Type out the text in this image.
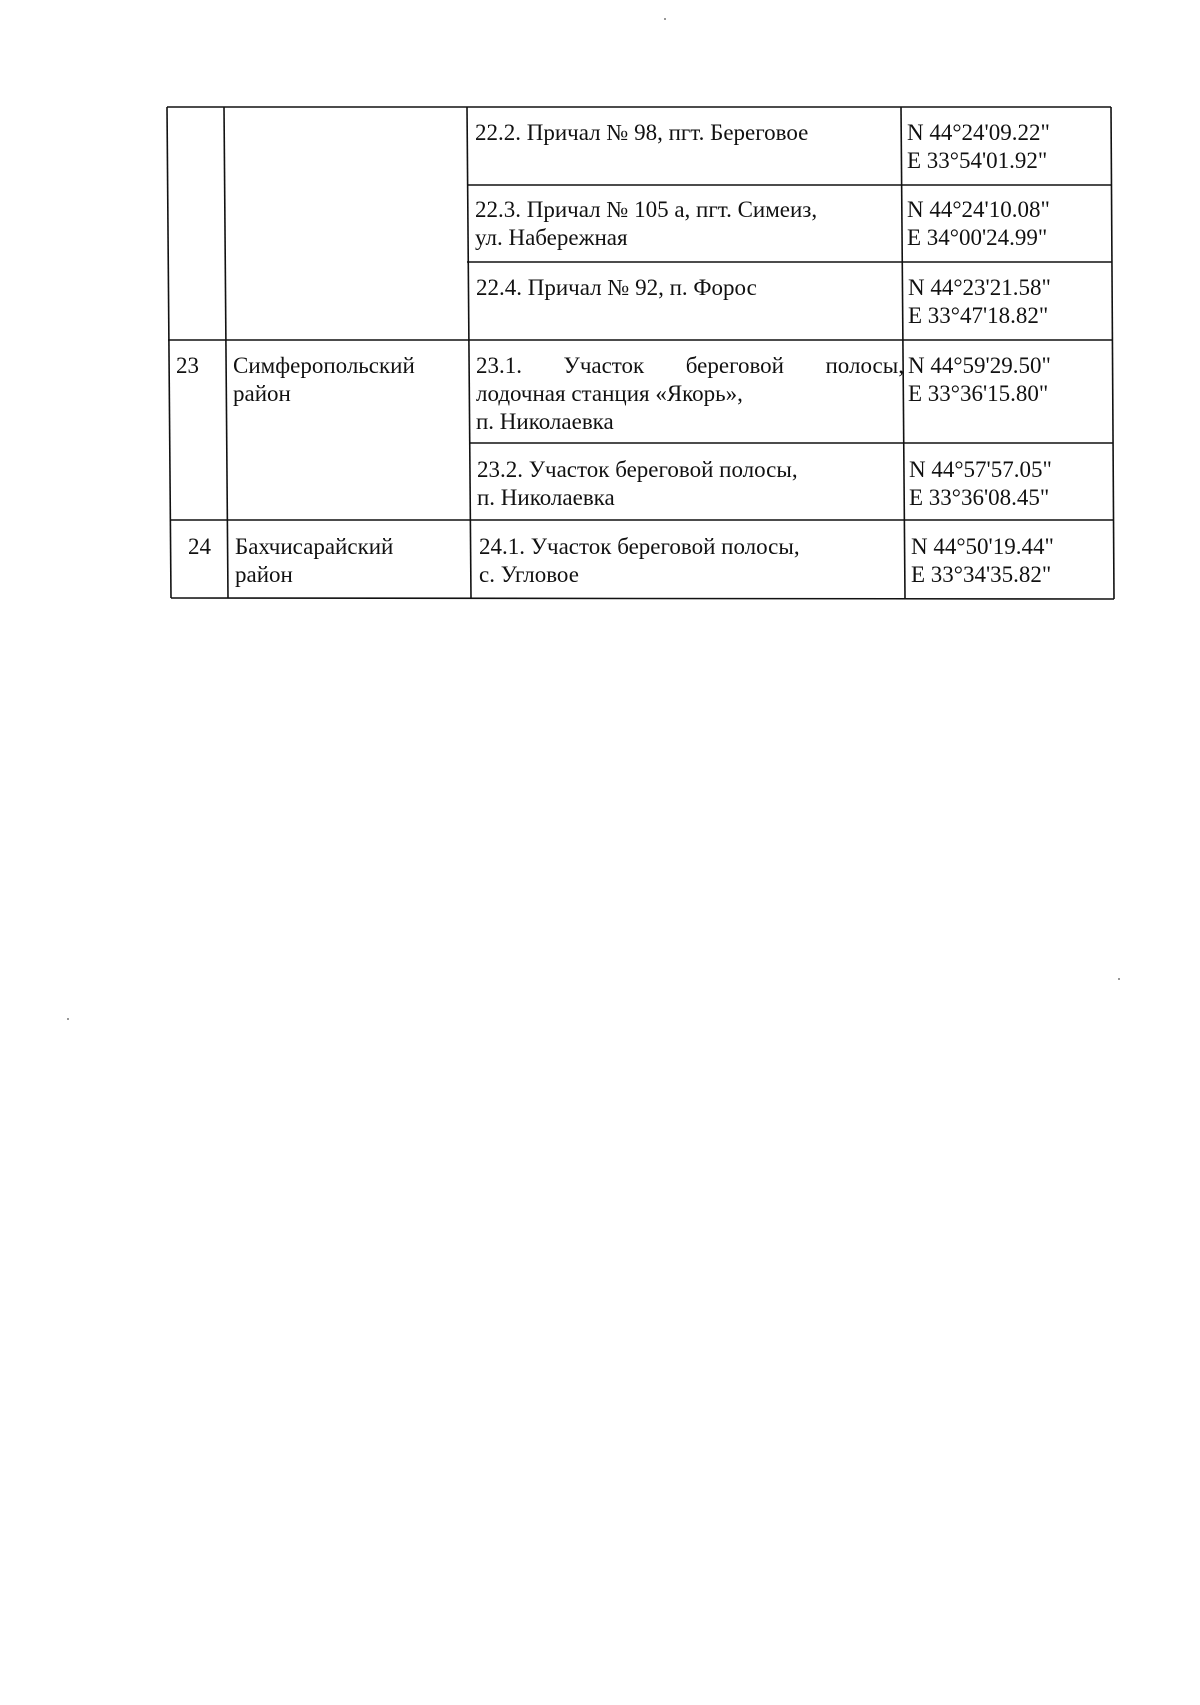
22.2. Причал № 98, пгт. Береговое	N 44°24'09.22"
E 33°54'01.92"
22.3. Причал № 105 а, пгт. Симеиз,
ул. Набережная
N 44°24'10.08"
E 34°00'24.99"
22.4. Причал № 92, п. Форос	N 44°23'21.58"
E 33°47'18.82"
23 Симферопольский
район
23.1. Участок береговой полосы,
лодочная станция «Якорь»,
п. Николаевка
N 44°59'29.50"
E 33°36'15.80"
23.2. Участок береговой полосы,
п. Николаевка
N 44°57'57.05"
E 33°36'08.45"
24 Бахчисарайский
район
24.1. Участок береговой полосы,
с. Угловое
N 44°50'19.44"
E 33°34'35.82"
